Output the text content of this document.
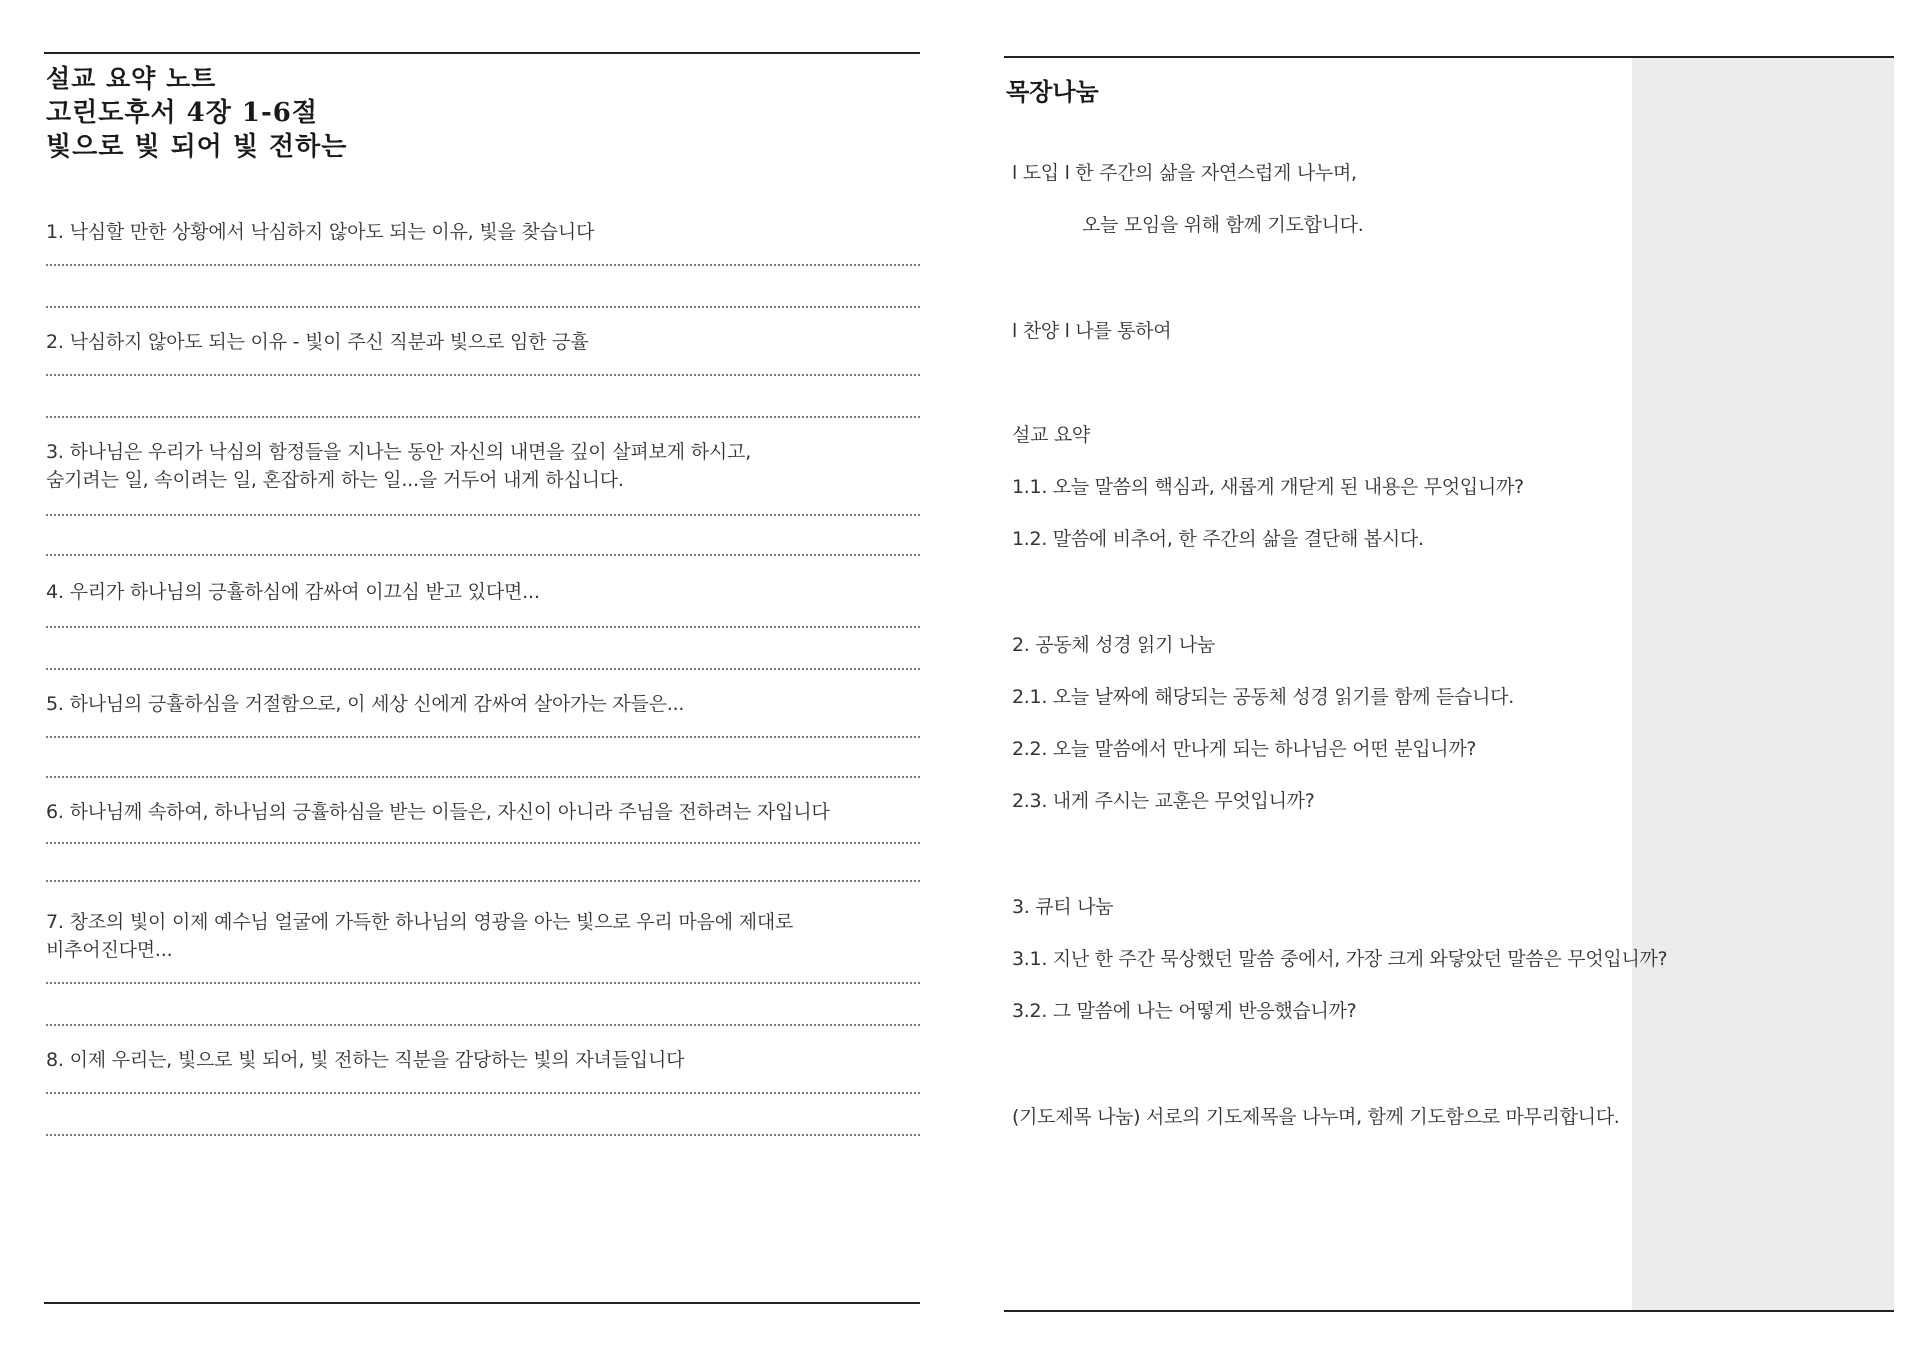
설교 요약 노트
고린도후서 4장 1-6절
빛으로 빛 되어 빛 전하는
1. 낙심할 만한 상황에서 낙심하지 않아도 되는 이유, 빛을 찾습니다
2. 낙심하지 않아도 되는 이유 - 빛이 주신 직분과 빛으로 임한 긍휼
3. 하나님은 우리가 낙심의 함정들을 지나는 동안 자신의 내면을 깊이 살펴보게 하시고,
숨기려는 일, 속이려는 일, 혼잡하게 하는 일...을 거두어 내게 하십니다.
4. 우리가 하나님의 긍휼하심에 감싸여 이끄심 받고 있다면...
5. 하나님의 긍휼하심을 거절함으로, 이 세상 신에게 감싸여 살아가는 자들은...
6. 하나님께 속하여, 하나님의 긍휼하심을 받는 이들은, 자신이 아니라 주님을 전하려는 자입니다
7. 창조의 빛이 이제 예수님 얼굴에 가득한 하나님의 영광을 아는 빛으로 우리 마음에 제대로
비추어진다면...
8. 이제 우리는, 빛으로 빛 되어, 빛 전하는 직분을 감당하는 빛의 자녀들입니다
목장나눔
l 도입 l 한 주간의 삶을 자연스럽게 나누며,
오늘 모임을 위해 함께 기도합니다.
l 찬양 l 나를 통하여
설교 요약
1.1. 오늘 말씀의 핵심과, 새롭게 개닫게 된 내용은 무엇입니까?
1.2. 말씀에 비추어, 한 주간의 삶을 결단해 봅시다.
2. 공동체 성경 읽기 나눔
2.1. 오늘 날짜에 해당되는 공동체 성경 읽기를 함께 듣습니다.
2.2. 오늘 말씀에서 만나게 되는 하나님은 어떤 분입니까?
2.3. 내게 주시는 교훈은 무엇입니까?
3. 큐티 나눔
3.1. 지난 한 주간 묵상했던 말씀 중에서, 가장 크게 와닿았던 말씀은 무엇입니까?
3.2. 그 말씀에 나는 어떻게 반응했습니까?
(기도제목 나눔) 서로의 기도제목을 나누며, 함께 기도함으로 마무리합니다.
